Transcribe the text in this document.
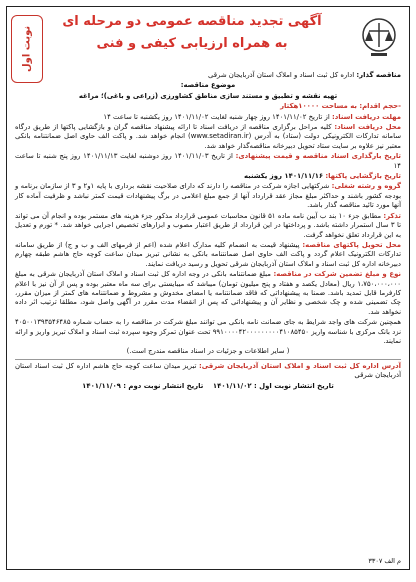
آگهی تجدید مناقصه عمومی دو مرحله ای
به همراه ارزیابی کیفی و فنی
نوبت اول

مناقصه گذار: اداره کل ثبت اسناد و املاک استان آذربایجان شرقی

موضوع مناقصه:

تهیه نقشه و تطبیق و مستند سازی مناطق کشاورزی (زراعی و باغی)؛ مراغه

-حجم اقدام: به مساحت ۱۰۰۰۰هکتار

مهلت دریافت اسناد: از تاریخ ۱۴۰۱/۱۱/۰۲ روز چهار شنبه لغایت ۱۴۰۱/۱۱/۰۲ روز یکشنبه تا ساعت ۱۴

محل دریافت اسناد: کلیه مراحل برگزاری مناقصه از دریافت اسناد تا ارائه پیشنهاد مناقصه گران و بازگشایی پاکتها از طریق درگاه سامانه تدارکات الکترونیکی دولت (ستاد) به آدرس (www.setadiran.ir) انجام خواهد شد. و پاکت الف حاوی اصل ضمانتنامه بانکی معتبر نیز علاوه بر سایت ستاد تحویل دبیرخانه مناقصه‌گذار خواهد شد.

تاریخ بارگذاری اسناد مناقصه و قیمت پیشنهادی: از تاریخ ۱۴۰۱/۱۱/۰۳ روز دوشنبه لغایت ۱۴۰۱/۱۱/۱۳ روز پنج شنبه تا ساعت ۱۴

تاریخ بازگشایی پاکتها: ۱۴۰۱/۱۱/۱۶ روز یکشنبه

گروه و رشته شغلی: شرکتهایی اجازه شرکت در مناقصه را دارند که دارای صلاحیت نقشه برداری با پایه ۱و۲ و ۳ از سازمان برنامه و بودجه کشور باشند و حداکثر مبلغ مجاز عقد قرارداد آنها از جمع مبلغ اعلامی در برگ پیشنهادات قیمت کمتر نباشد و ظرفیت آماده کار آنها مورد تائید مناقصه گذار باشد.

تذکر: مطابق جزء ۱۰ بند ب آیین نامه ماده ۵۱ قانون محاسبات عمومی قرارداد مذکور جزء هزینه های مستمر بوده و انجام آن می تواند تا ۳ سال استمرار داشته باشد. و پرداختها در این قرارداد از طریق اعتبار مصوب و ابزارهای تخصیص اجرایی خواهد شد. * تورم و تعدیل به این قرارداد تعلق نخواهد گرفت.

محل تحویل پاکتهای مناقصه: پیشنهاد قیمت به انضمام کلیه مدارک اعلام شده (اعم از فرمهای الف و ب و ج) از طریق سامانه تدارکات الکترونیک اعلام گردد و پاکت الف حاوی اصل ضمانتنامه بانکی به نشانی تبریز میدان ساعت کوچه حاج هاشم طبقه چهارم دبیرخانه اداره کل ثبت اسناد و املاک استان آذربایجان شرقی تحویل و رسید دریافت نمایند.

نوع و مبلغ تضمین شرکت در مناقصه: مبلغ ضمانتنامه بانکی در وجه اداره کل ثبت اسناد و املاک استان آذربایجان شرقی به مبلغ ۱،۷۵۰،۰۰۰،۰۰۰ ریال (معادل یکصد و هفتاد و پنج میلیون تومان) میباشد که میبایستی برای سه ماه معتبر بوده و پس از آن نیز با اعلام کارفرما قابل تمدید باشد. ضمنا به پیشنهاداتی که فاقد ضمانتنامه یا امضای مخدوش و مشروط و ضمانتنامه های کمتر از میزان مقرر، چک تضمینی شده و چک شخصی و نظایر آن و پیشنهاداتی که پس از انقضاء مدت مقرر در آگهی واصل شود، مطلقا ترتیب اثر داده نخواهد شد.

همچنین شرکت های واجد شرایط به جای ضمانت نامه بانکی می توانند مبلغ شرکت در مناقصه را به حساب شماره ۴۰۵۰۰۱۳۹۳۵۴۶۴۸۵ نزد بانک مرکزی با شناسه واریز ۹۹۱۰۰۰۰۴۲۰۰۰۰۰۰۰۰۰۴۱۰۸۵۴۵۰ تحت عنوان تمرکز وجوه سپرده ثبت اسناد و املاک تبریز واریز و ارائه نمایند.

( سایر اطلاعات و جزئیات در اسناد مناقصه مندرج است.)

آدرس اداره کل ثبت اسناد و املاک استان آذربایجان شرقی: تبریز میدان ساعت کوچه حاج هاشم اداره کل ثبت اسناد استان آذربایجان شرقی

تاریخ انتشار نوبت اول : ۱۴۰۱/۱۱/۰۲    تاریخ انتشار نوبت دوم : ۱۴۰۱/۱۱/۰۹

م الف ۳۳۰۷
